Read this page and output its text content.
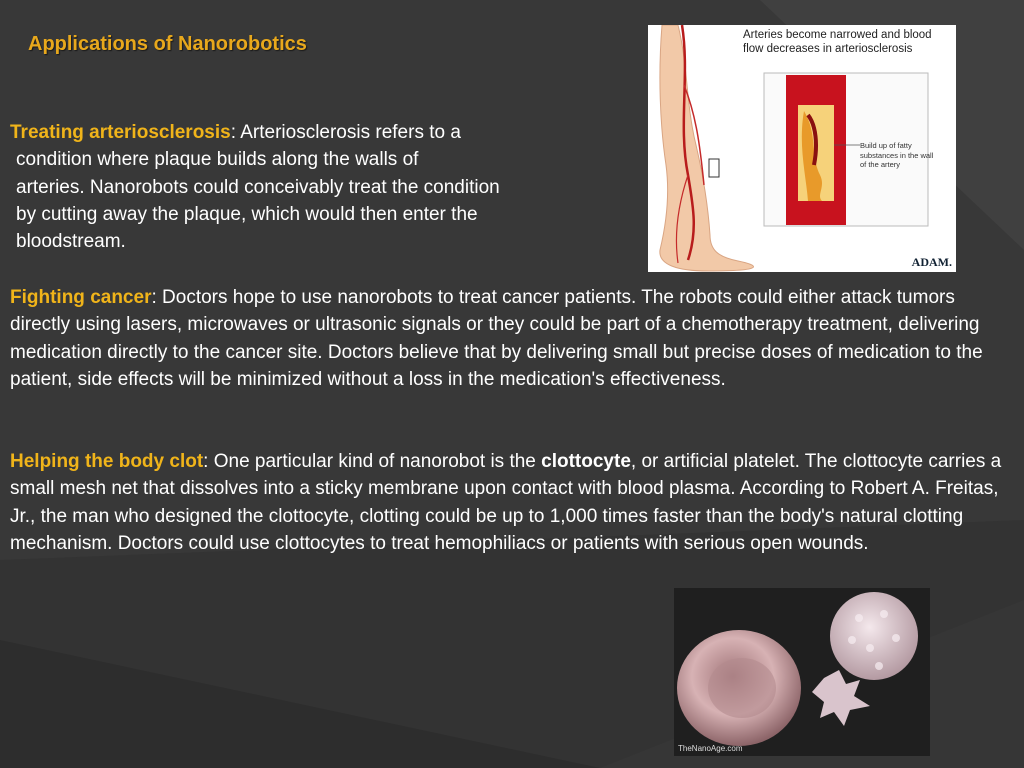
Applications of Nanorobotics
Treating arteriosclerosis: Arteriosclerosis refers to a
condition where plaque builds along the walls of
arteries. Nanorobots could conceivably treat the condition
by cutting away the plaque, which would then enter the
bloodstream.
Fighting cancer: Doctors hope to use nanorobots to treat cancer patients. The robots could either attack tumors directly using lasers, microwaves or ultrasonic signals or they could be part of a chemotherapy treatment, delivering medication directly to the cancer site. Doctors believe that by delivering small but precise doses of medication to the patient, side effects will be minimized without a loss in the medication's effectiveness.
Helping the body clot: One particular kind of nanorobot is the clottocyte, or artificial platelet. The clottocyte carries a small mesh net that dissolves into a sticky membrane upon contact with blood plasma. According to Robert A. Freitas, Jr., the man who designed the clottocyte, clotting could be up to 1,000 times faster than the body's natural clotting mechanism. Doctors could use clottocytes to treat hemophiliacs or patients with serious open wounds.
Arteries become narrowed and blood flow decreases in arteriosclerosis
Build up of fatty substances in the wall of the artery
ADAM.
TheNanoAge.com
